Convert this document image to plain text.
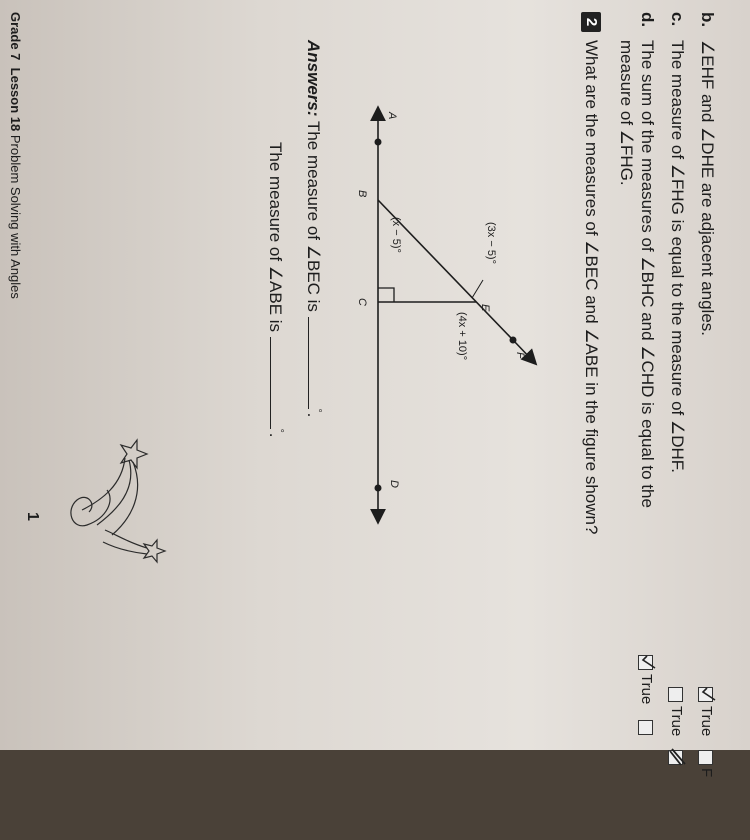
b.
∠EHF and ∠DHE are adjacent angles.
c.
The measure of ∠FHG is equal to the measure of ∠DHF.
d.
The sum of the measures of ∠BHC and ∠CHD is equal to the
measure of ∠FHG.
True
F
True
True
2
What are the measures of ∠BEC and ∠ABE in the figure shown?
A
B
C
D
E
F
(3x − 5)°
(4x + 10)°
(x − 5)°
Answers: The measure of ∠BEC is °.
The measure of ∠ABE is °.
Grade 7  Lesson 18 Problem Solving with Angles
1
